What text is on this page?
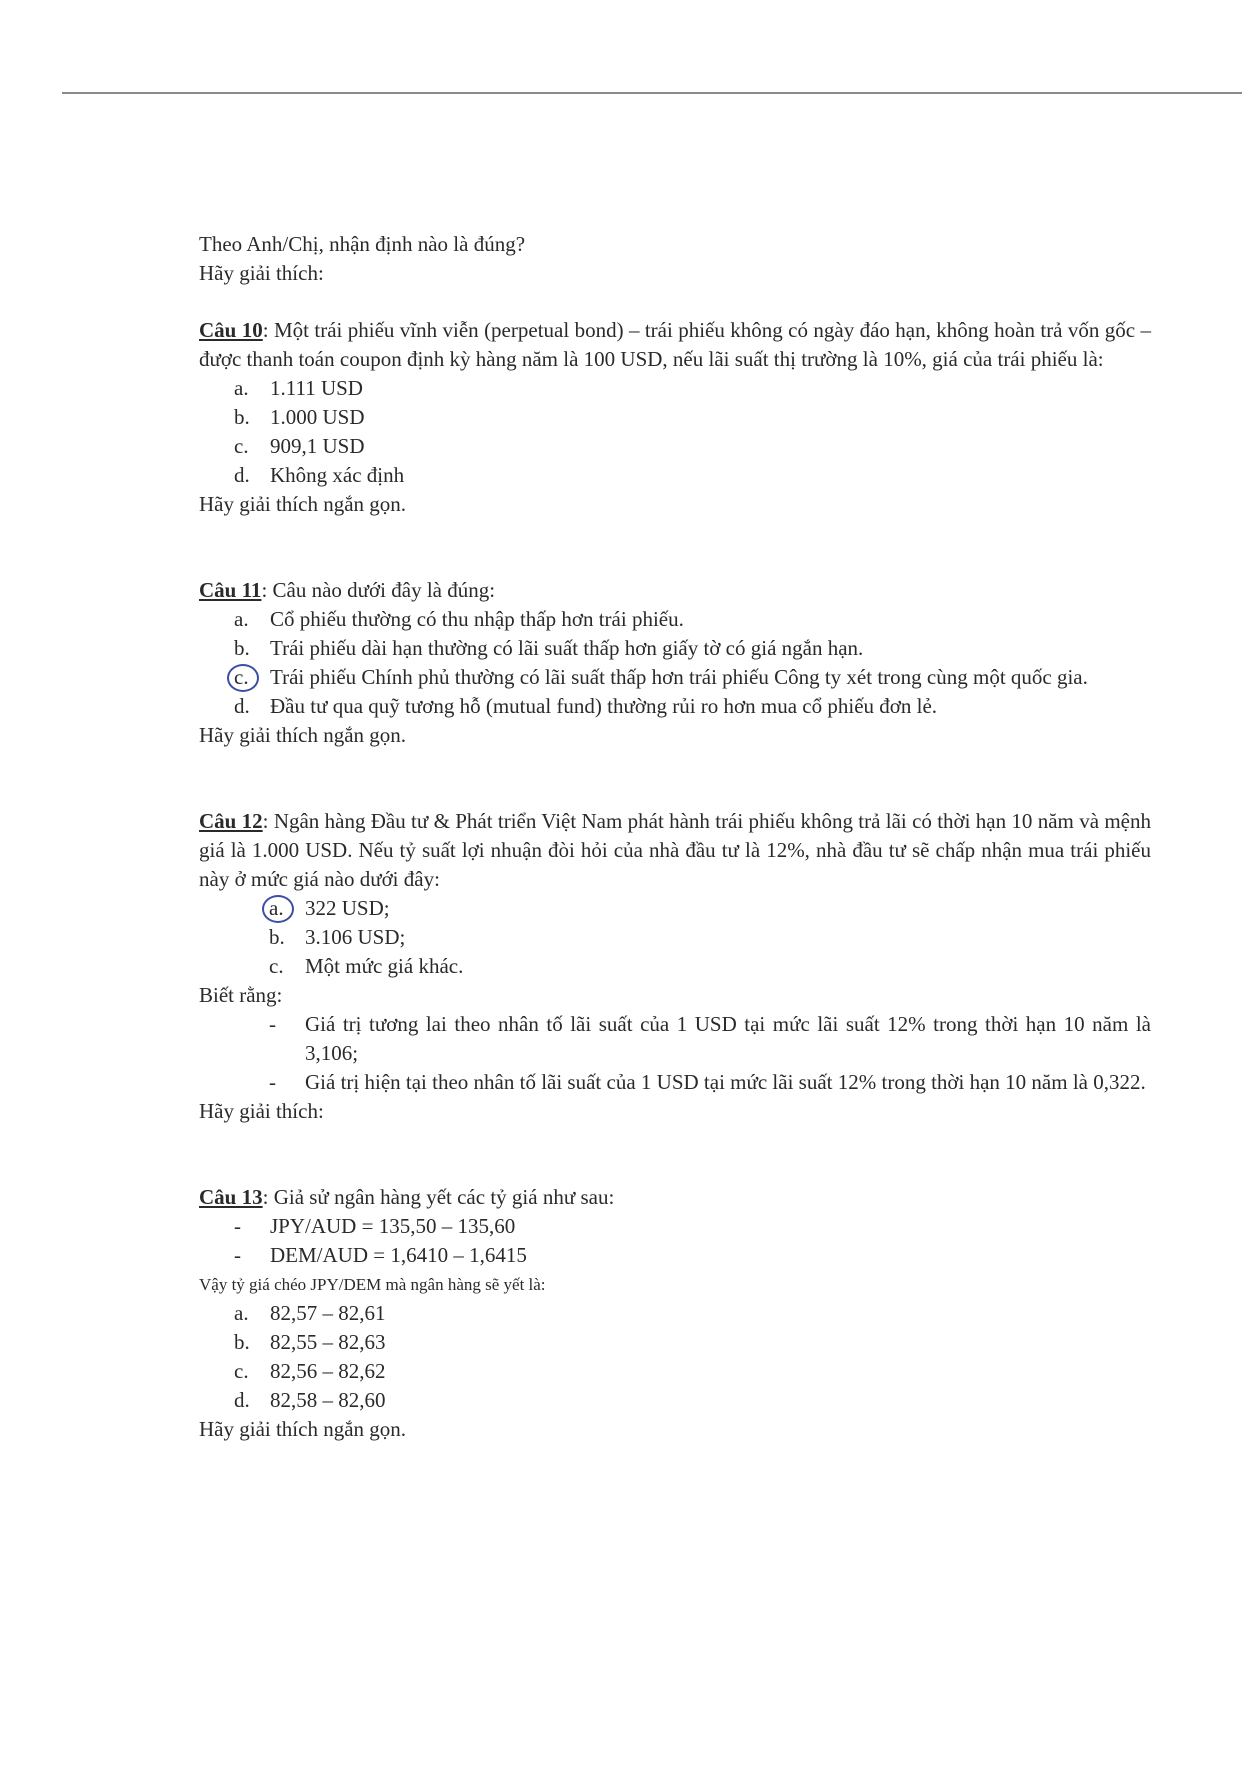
Theo Anh/Chị, nhận định nào là đúng?

Hãy giải thích:

Câu 10: Một trái phiếu vĩnh viễn (perpetual bond) – trái phiếu không có ngày đáo hạn, không hoàn trả vốn gốc – được thanh toán coupon định kỳ hàng năm là 100 USD, nếu lãi suất thị trường là 10%, giá của trái phiếu là:

a.	1.111 USD
b. 1.000 USD
c.	909,1 USD
d. Không xác định

Hãy giải thích ngắn gọn.

Câu 11: Câu nào dưới đây là đúng:

a.	Cổ phiếu thường có thu nhập thấp hơn trái phiếu.
b. Trái phiếu dài hạn thường có lãi suất thấp hơn giấy tờ có giá ngắn hạn.
c.	Trái phiếu Chính phủ thường có lãi suất thấp hơn trái phiếu Công ty xét trong cùng một quốc gia.
d. Đầu tư qua quỹ tương hỗ (mutual fund) thường rủi ro hơn mua cổ phiếu đơn lẻ.

Hãy giải thích ngắn gọn.

Câu 12: Ngân hàng Đầu tư & Phát triển Việt Nam phát hành trái phiếu không trả lãi có thời hạn 10 năm và mệnh giá là 1.000 USD. Nếu tỷ suất lợi nhuận đòi hỏi của nhà đầu tư là 12%, nhà đầu tư sẽ chấp nhận mua trái phiếu này ở mức giá nào dưới đây:

a.	322 USD;
b. 3.106 USD;
c.	Một mức giá khác.

Biết rằng:

-	Giá trị tương lai theo nhân tố lãi suất của 1 USD tại mức lãi suất 12% trong thời hạn 10 năm là 3,106;
-	Giá trị hiện tại theo nhân tố lãi suất của 1 USD tại mức lãi suất 12% trong thời hạn 10 năm là 0,322.

Hãy giải thích:

Câu 13: Giả sử ngân hàng yết các tỷ giá như sau:

-	JPY/AUD = 135,50 – 135,60
-	DEM/AUD = 1,6410 – 1,6415

Vậy tỷ giá chéo JPY/DEM mà ngân hàng sẽ yết là:

a.	82,57 – 82,61
b. 82,55 – 82,63
c.	82,56 – 82,62
d. 82,58 – 82,60

Hãy giải thích ngắn gọn.
